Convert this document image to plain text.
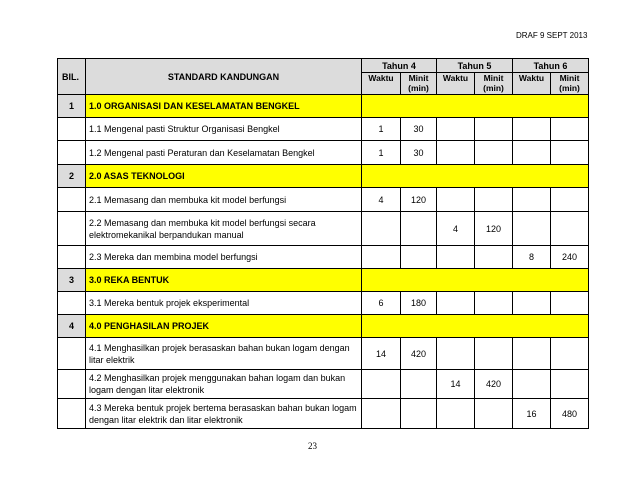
DRAF 9 SEPT 2013
BIL.	STANDARD KANDUNGAN	Tahun 4		Tahun 5		Tahun 6	
		Waktu	Minit (min)	Waktu	Minit (min)	Waktu	Minit (min)
1	1.0 ORGANISASI DAN KESELAMATAN BENGKEL						
	1.1 Mengenal pasti Struktur Organisasi Bengkel	1	30				
	1.2 Mengenal pasti Peraturan dan Keselamatan Bengkel	1	30				
2	2.0 ASAS TEKNOLOGI						
	2.1 Memasang dan membuka kit model berfungsi	4	120				
	2.2 Memasang dan membuka kit model berfungsi secara elektromekanikal berpandukan manual			4	120		
	2.3 Mereka dan membina model berfungsi					8	240
3	3.0 REKA BENTUK						
	3.1 Mereka bentuk projek eksperimental	6	180				
4	4.0 PENGHASILAN PROJEK						
	4.1 Menghasilkan projek berasaskan bahan bukan logam dengan litar elektrik	14	420				
	4.2 Menghasilkan projek menggunakan bahan logam dan bukan logam dengan litar elektronik			14	420		
	4.3 Mereka bentuk projek bertema berasaskan bahan bukan logam dengan litar elektrik dan litar elektronik					16	480
23
